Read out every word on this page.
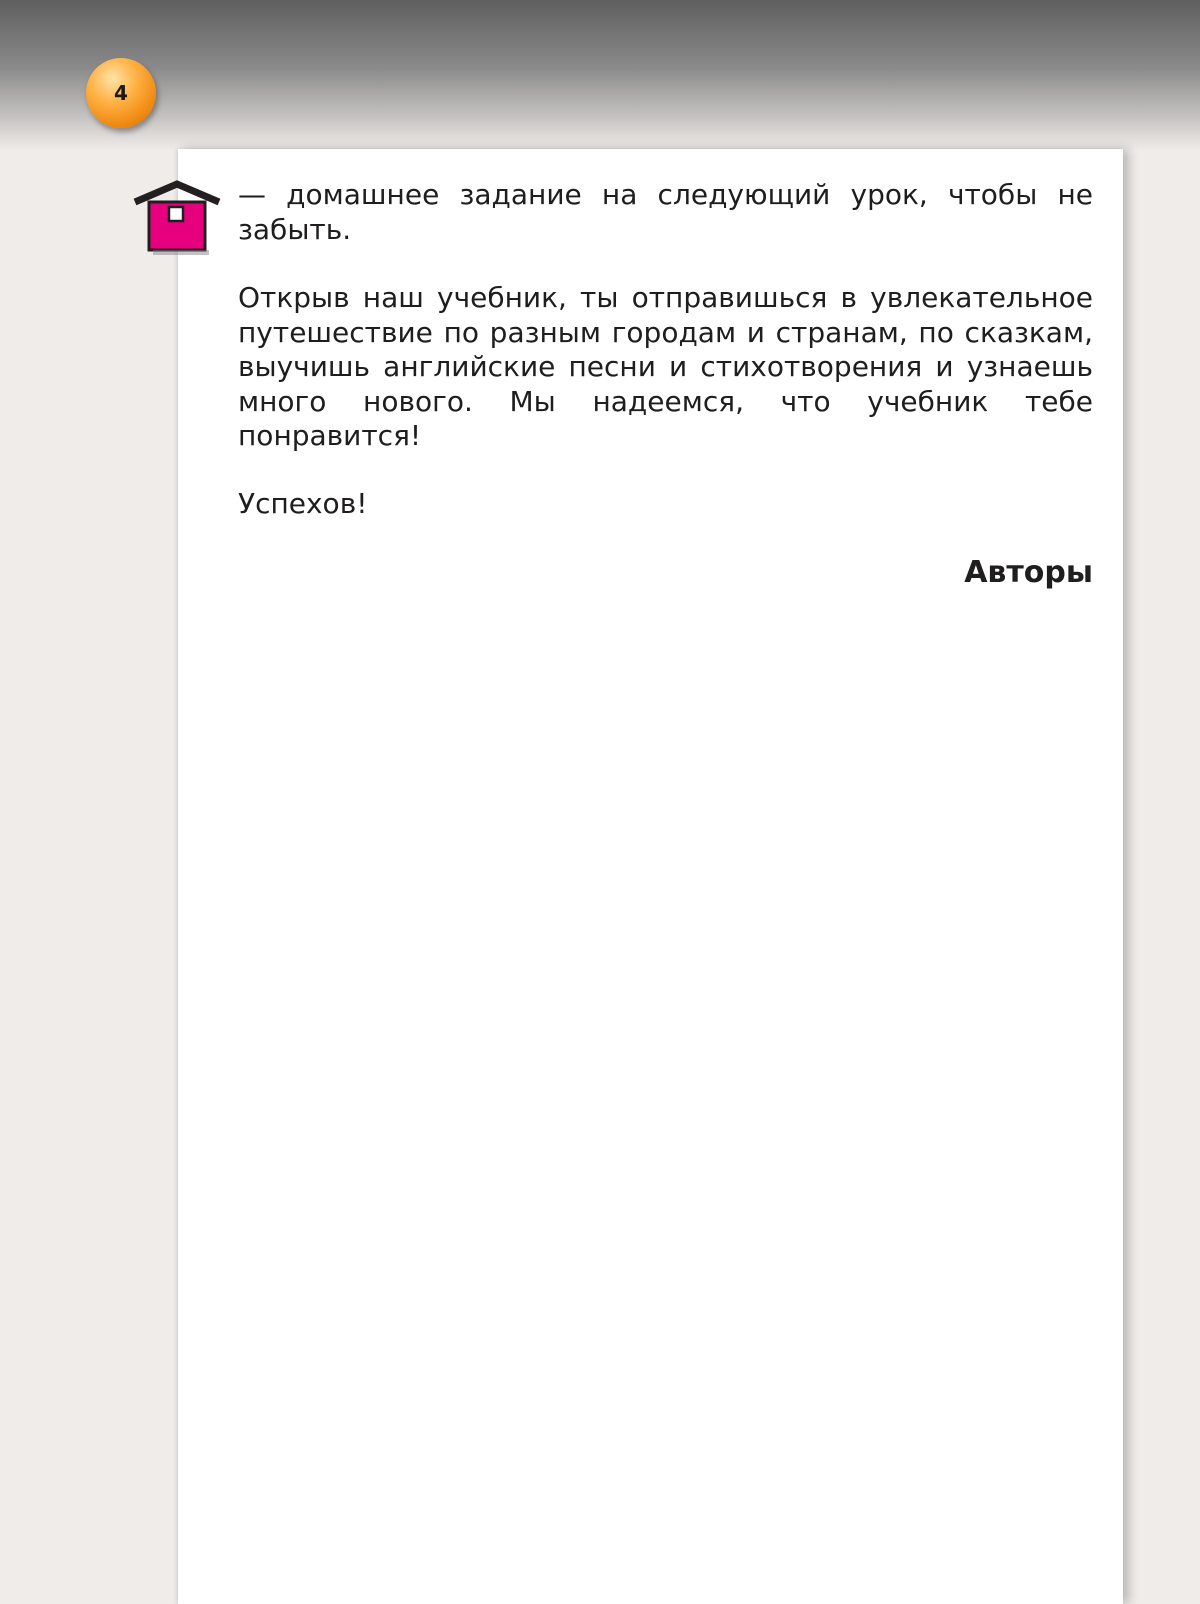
4

— домашнее задание на следующий урок, чтобы не забыть.

Открыв наш учебник, ты отправишься в увлекательное путешествие по разным городам и странам, по сказкам, выучишь английские песни и стихотворения и узнаешь много нового. Мы надеемся, что учебник тебе понравится!

Успехов!

Авторы
